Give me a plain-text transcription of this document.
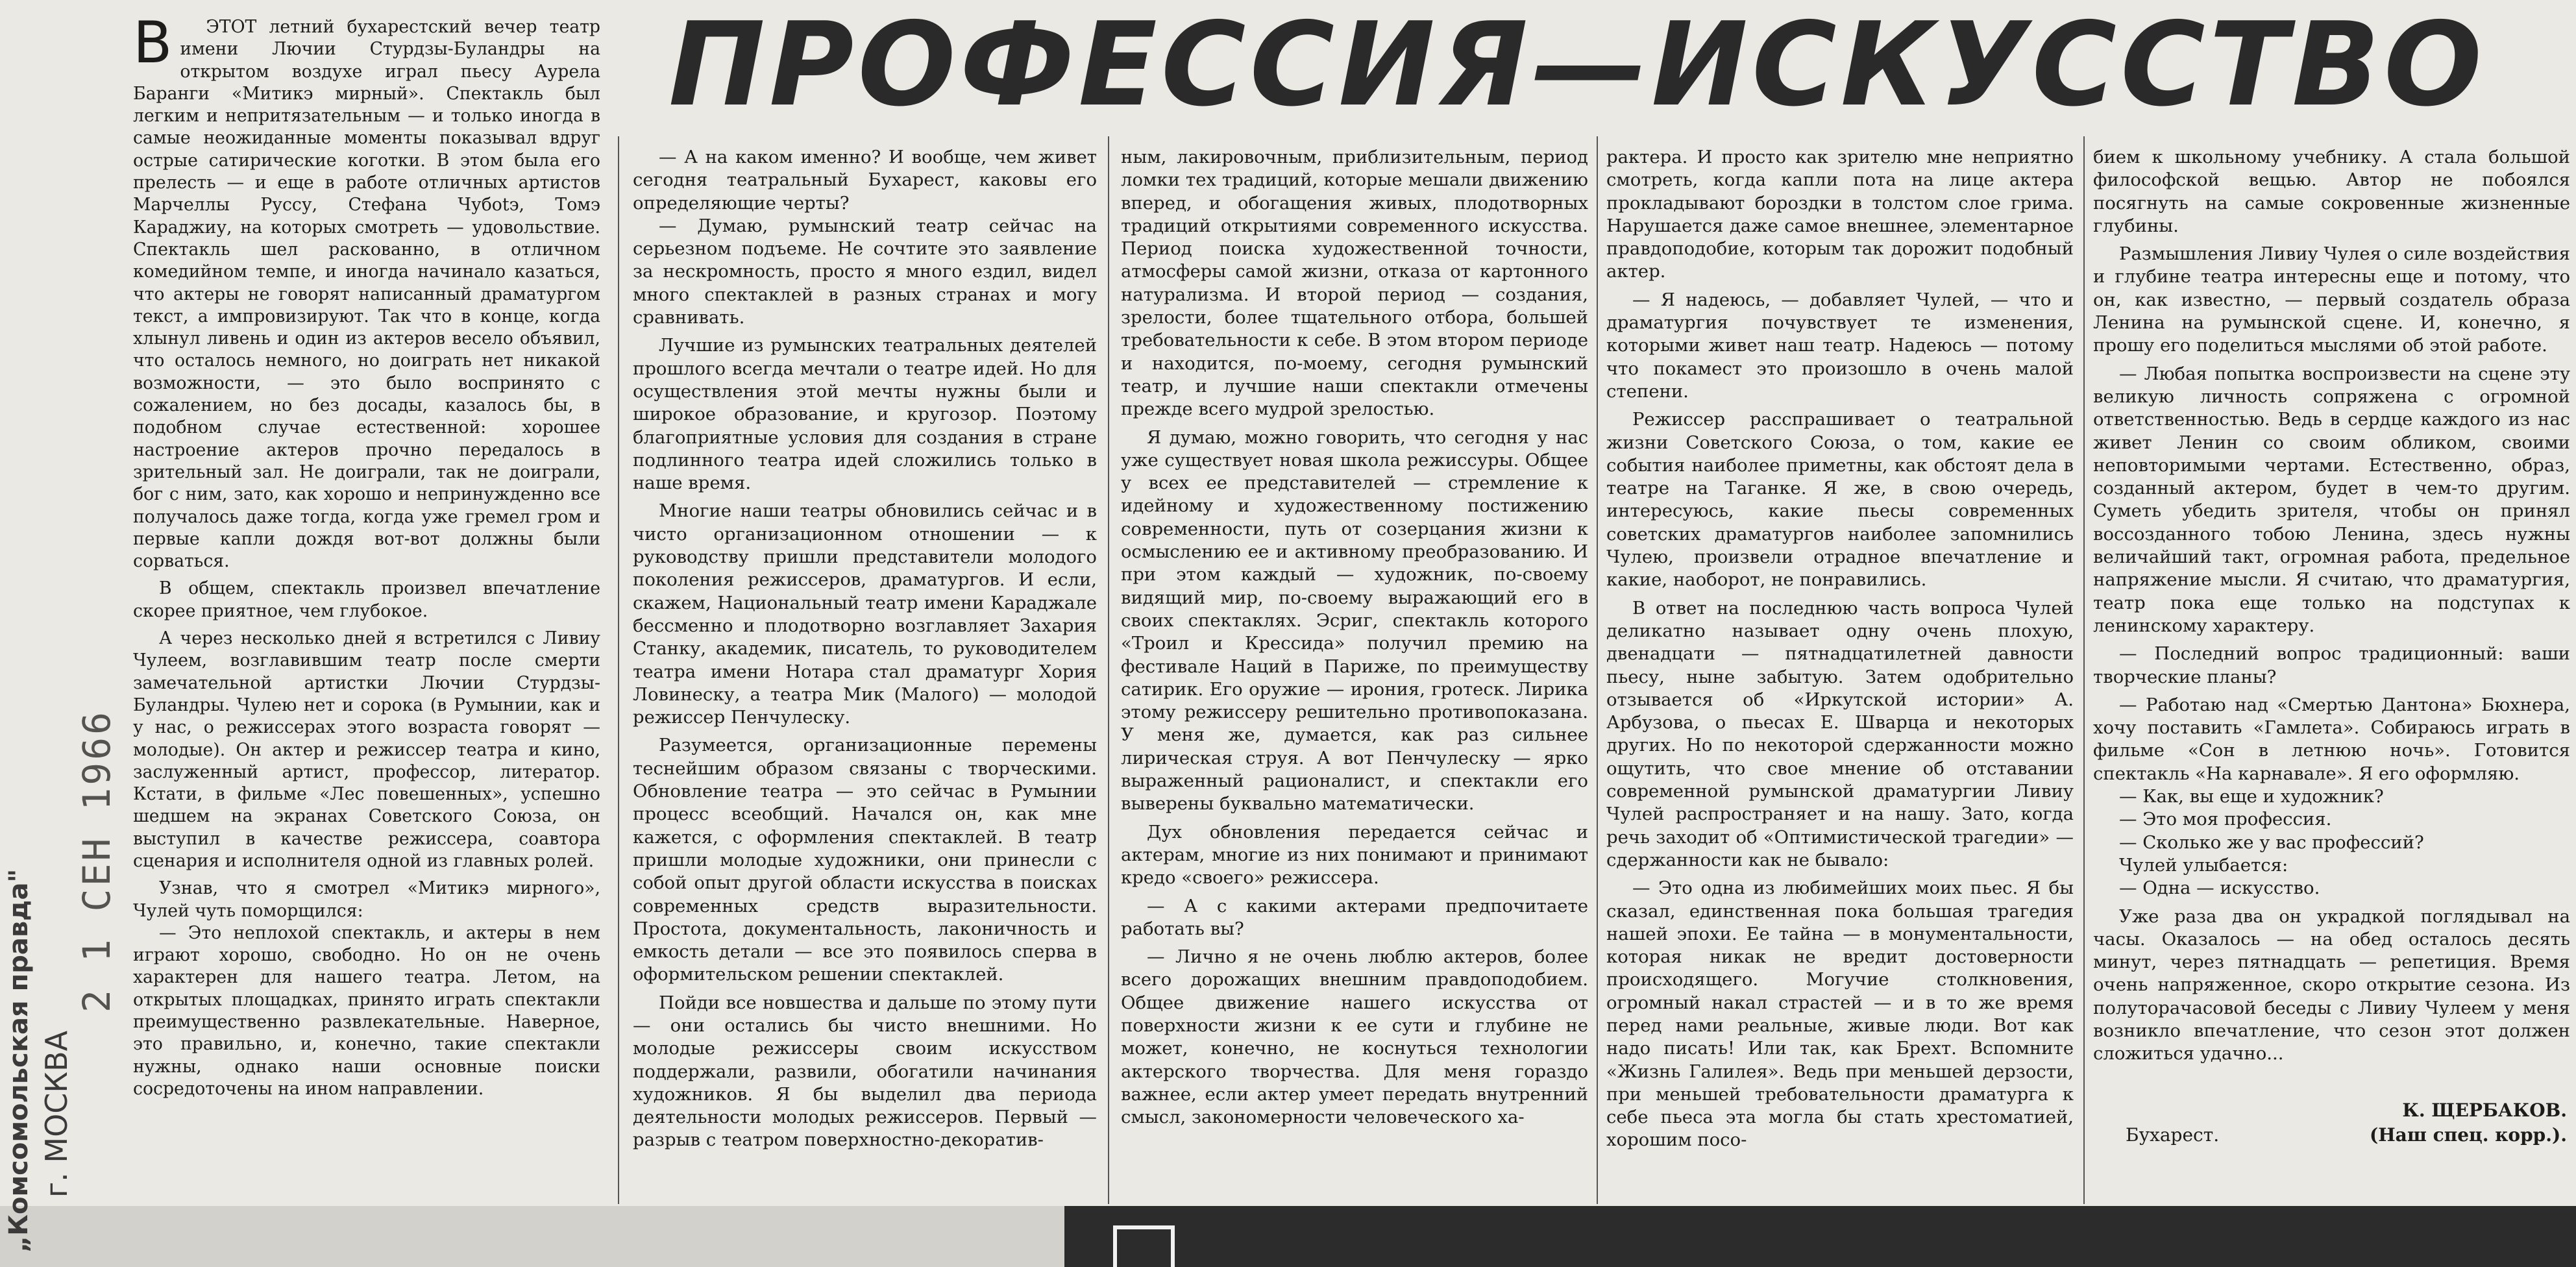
„Комсомольская правда" г. МОСКВА
2 1 СЕН 1966
ПРОФЕССИЯ—ИСКУССТВО

В ЭТОТ летний бухарестский вечер театр имени Лючии Стурдзы-Буландры на открытом воздухе играл пьесу Аурела Баранги «Митикэ мирный». Спектакль был легким и непритязательным — и только иногда в самые неожиданные моменты показывал вдруг острые сатирические коготки. В этом была его прелесть — и еще в работе отличных артистов Марчеллы Руссу, Стефана Чубоtэ, Томэ Караджиу, на которых смотреть — удовольствие. Спектакль шел раскованно, в отличном комедийном темпе, и иногда начинало казаться, что актеры не говорят написанный драматургом текст, а импровизируют. Так что в конце, когда хлынул ливень и один из актеров весело объявил, что осталось немного, но доиграть нет никакой возможности, — это было воспринято с сожалением, но без досады, казалось бы, в подобном случае естественной: хорошее настроение актеров прочно передалось в зрительный зал. Не доиграли, так не доиграли, бог с ним, зато, как хорошо и непринужденно все получалось даже тогда, когда уже гремел гром и первые капли дождя вот-вот должны были сорваться.

В общем, спектакль произвел впечатление скорее приятное, чем глубокое.

А через несколько дней я встретился с Ливиу Чулеем, возглавившим театр после смерти замечательной артистки Лючии Стурдзы-Буландры. Чулею нет и сорока (в Румынии, как и у нас, о режиссерах этого возраста говорят — молодые). Он актер и режиссер театра и кино, заслуженный артист, профессор, литератор. Кстати, в фильме «Лес повешенных», успешно шедшем на экранах Советского Союза, он выступил в качестве режиссера, соавтора сценария и исполнителя одной из главных ролей.

Узнав, что я смотрел «Митикэ мирного», Чулей чуть поморщился:

— Это неплохой спектакль, и актеры в нем играют хорошо, свободно. Но он не очень характерен для нашего театра. Летом, на открытых площадках, принято играть спектакли преимущественно развлекательные. Наверное, это правильно, и, конечно, такие спектакли нужны, однако наши основные поиски сосредоточены на ином направлении.

— А на каком именно? И вообще, чем живет сегодня театральный Бухарест, каковы его определяющие черты?

— Думаю, румынский театр сейчас на серьезном подъеме. Не сочтите это заявление за нескромность, просто я много ездил, видел много спектаклей в разных странах и могу сравнивать.

Лучшие из румынских театральных деятелей прошлого всегда мечтали о театре идей. Но для осуществления этой мечты нужны были и широкое образование, и кругозор. Поэтому благоприятные условия для создания в стране подлинного театра идей сложились только в наше время.

Многие наши театры обновились сейчас и в чисто организационном отношении — к руководству пришли представители молодого поколения режиссеров, драматургов. И если, скажем, Национальный театр имени Караджале бессменно и плодотворно возглавляет Захария Станку, академик, писатель, то руководителем театра имени Нотара стал драматург Хория Ловинеску, а театра Мик (Малого) — молодой режиссер Пенчулеску.

Разумеется, организационные перемены теснейшим образом связаны с творческими. Обновление театра — это сейчас в Румынии процесс всеобщий. Начался он, как мне кажется, с оформления спектаклей. В театр пришли молодые художники, они принесли с собой опыт другой области искусства в поисках современных средств выразительности. Простота, документальность, лаконичность и емкость детали — все это появилось сперва в оформительском решении спектаклей.

Пойди все новшества и дальше по этому пути — они остались бы чисто внешними. Но молодые режиссеры своим искусством поддержали, развили, обогатили начинания художников. Я бы выделил два периода деятельности молодых режиссеров. Первый — разрыв с театром поверхностно-декоратив-

ным, лакировочным, приблизительным, период ломки тех традиций, которые мешали движению вперед, и обогащения живых, плодотворных традиций открытиями современного искусства. Период поиска художественной точности, атмосферы самой жизни, отказа от картонного натурализма. И второй период — создания, зрелости, более тщательного отбора, большей требовательности к себе. В этом втором периоде и находится, по-моему, сегодня румынский театр, и лучшие наши спектакли отмечены прежде всего мудрой зрелостью.

Я думаю, можно говорить, что сегодня у нас уже существует новая школа режиссуры. Общее у всех ее представителей — стремление к идейному и художественному постижению современности, путь от созерцания жизни к осмыслению ее и активному преобразованию. И при этом каждый — художник, по-своему видящий мир, по-своему выражающий его в своих спектаклях. Эсриг, спектакль которого «Троил и Крессида» получил премию на фестивале Наций в Париже, по преимуществу сатирик. Его оружие — ирония, гротеск. Лирика этому режиссеру решительно противопоказана. У меня же, думается, как раз сильнее лирическая струя. А вот Пенчулеску — ярко выраженный рационалист, и спектакли его выверены буквально математически.

Дух обновления передается сейчас и актерам, многие из них понимают и принимают кредо «своего» режиссера.

— А с какими актерами предпочитаете работать вы?

— Лично я не очень люблю актеров, более всего дорожащих внешним правдоподобием. Общее движение нашего искусства от поверхности жизни к ее сути и глубине не может, конечно, не коснуться технологии актерского творчества. Для меня гораздо важнее, если актер умеет передать внутренний смысл, закономерности человеческого ха-

рактера. И просто как зрителю мне неприятно смотреть, когда капли пота на лице актера прокладывают бороздки в толстом слое грима. Нарушается даже самое внешнее, элементарное правдоподобие, которым так дорожит подобный актер.

— Я надеюсь, — добавляет Чулей, — что и драматургия почувствует те изменения, которыми живет наш театр. Надеюсь — потому что покамест это произошло в очень малой степени.

Режиссер расспрашивает о театральной жизни Советского Союза, о том, какие ее события наиболее приметны, как обстоят дела в театре на Таганке. Я же, в свою очередь, интересуюсь, какие пьесы современных советских драматургов наиболее запомнились Чулею, произвели отрадное впечатление и какие, наоборот, не понравились.

В ответ на последнюю часть вопроса Чулей деликатно называет одну очень плохую, двенадцати — пятнадцатилетней давности пьесу, ныне забытую. Затем одобрительно отзывается об «Иркутской истории» А. Арбузова, о пьесах Е. Шварца и некоторых других. Но по некоторой сдержанности можно ощутить, что свое мнение об отставании современной румынской драматургии Ливиу Чулей распространяет и на нашу. Зато, когда речь заходит об «Оптимистической трагедии» — сдержанности как не бывало:

— Это одна из любимейших моих пьес. Я бы сказал, единственная пока большая трагедия нашей эпохи. Ее тайна — в монументальности, которая никак не вредит достоверности происходящего. Могучие столкновения, огромный накал страстей — и в то же время перед нами реальные, живые люди. Вот как надо писать! Или так, как Брехт. Вспомните «Жизнь Галилея». Ведь при меньшей дерзости, при меньшей требовательности драматурга к себе пьеса эта могла бы стать хрестоматией, хорошим посо-

бием к школьному учебнику. А стала большой философской вещью. Автор не побоялся посягнуть на самые сокровенные жизненные глубины.

Размышления Ливиу Чулея о силе воздействия и глубине театра интересны еще и потому, что он, как известно, — первый создатель образа Ленина на румынской сцене. И, конечно, я прошу его поделиться мыслями об этой работе.

— Любая попытка воспроизвести на сцене эту великую личность сопряжена с огромной ответственностью. Ведь в сердце каждого из нас живет Ленин со своим обликом, своими неповторимыми чертами. Естественно, образ, созданный актером, будет в чем-то другим. Суметь убедить зрителя, чтобы он принял воссозданного тобою Ленина, здесь нужны величайший такт, огромная работа, предельное напряжение мысли. Я считаю, что драматургия, театр пока еще только на подступах к ленинскому характеру.

— Последний вопрос традиционный: ваши творческие планы?

— Работаю над «Смертью Дантона» Бюхнера, хочу поставить «Гамлета». Собираюсь играть в фильме «Сон в летнюю ночь». Готовится спектакль «На карнавале». Я его оформляю.

— Как, вы еще и художник?

— Это моя профессия.

— Сколько же у вас профессий?

Чулей улыбается:

— Одна — искусство.

Уже раза два он украдкой поглядывал на часы. Оказалось — на обед осталось десять минут, через пятнадцать — репетиция. Время очень напряженное, скоро открытие сезона. Из полуторачасовой беседы с Ливиу Чулеем у меня возникло впечатление, что сезон этот должен сложиться удачно...

К. ЩЕРБАКОВ.
Бухарест.	(Наш спец. корр.).
